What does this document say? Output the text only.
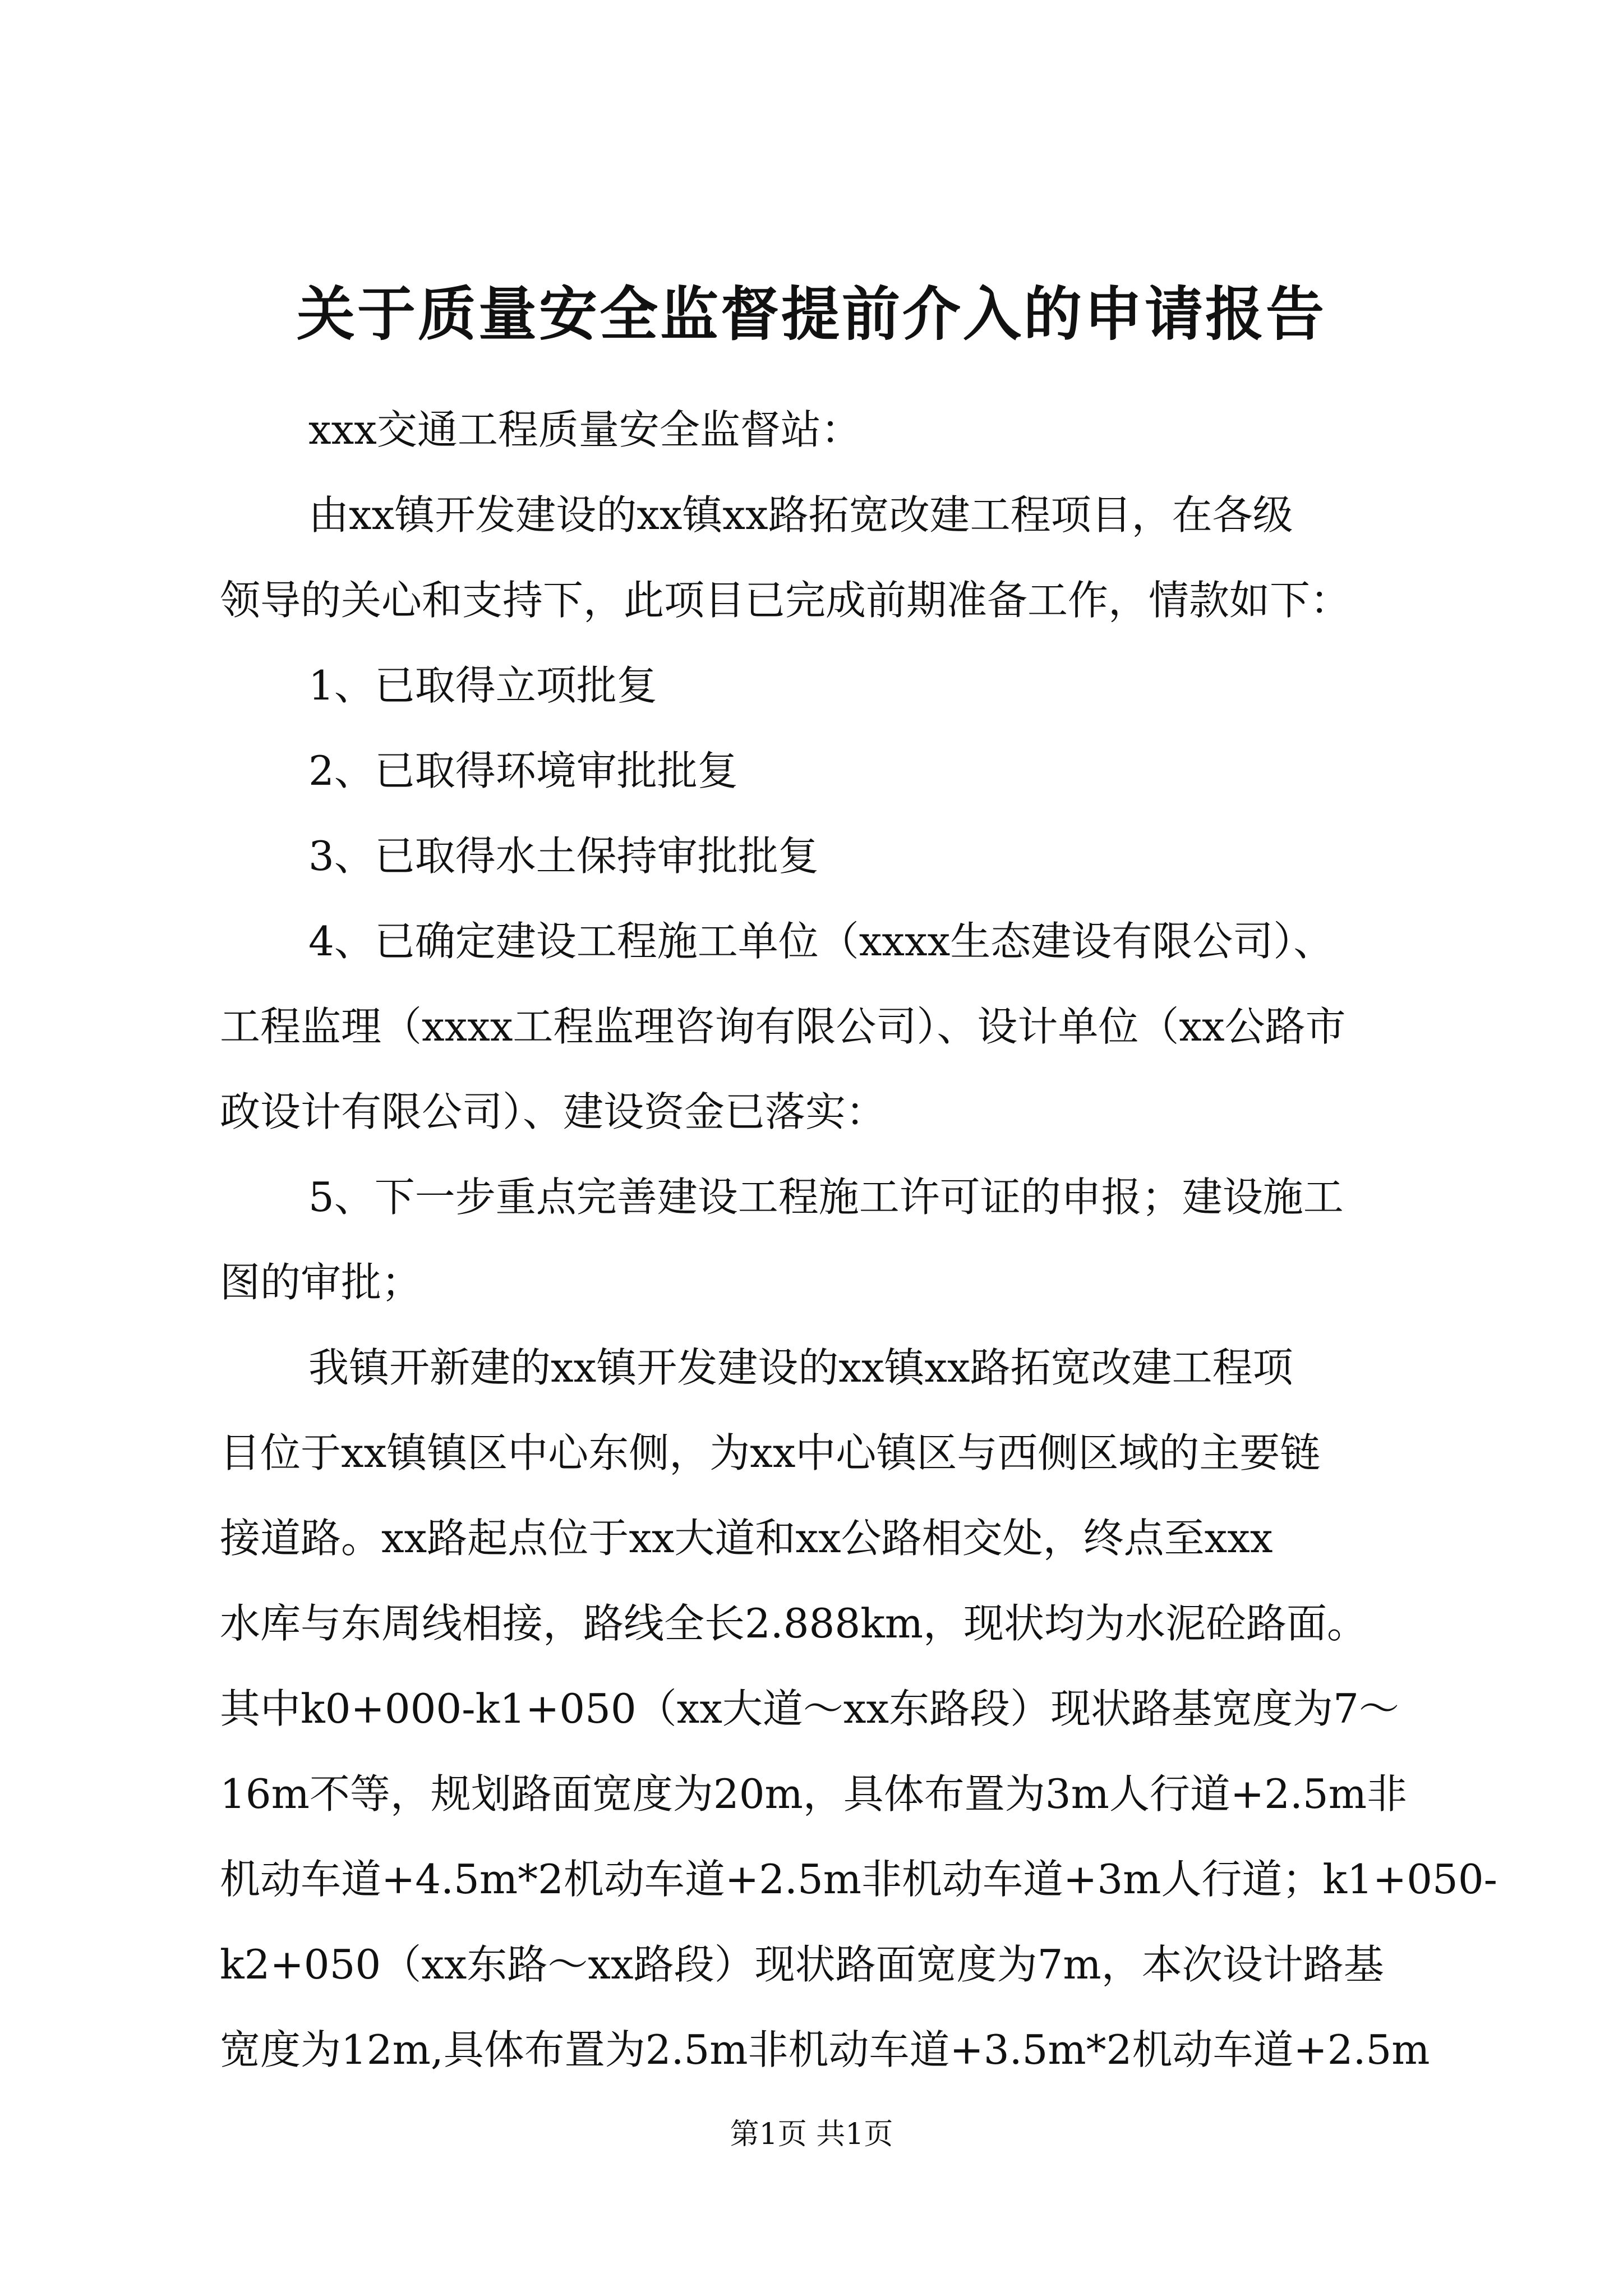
关于质量安全监督提前介入的申请报告
xxx交通工程质量安全监督站：
由xx镇开发建设的xx镇xx路拓宽改建工程项目，在各级
领导的关心和支持下，此项目已完成前期准备工作，情款如下：
1、已取得立项批复
2、已取得环境审批批复
3、已取得水土保持审批批复
4、已确定建设工程施工单位（xxxx生态建设有限公司）、
工程监理（xxxx工程监理咨询有限公司）、设计单位（xx公路市
政设计有限公司）、建设资金已落实：
5、下一步重点完善建设工程施工许可证的申报；建设施工
图的审批；
我镇开新建的xx镇开发建设的xx镇xx路拓宽改建工程项
目位于xx镇镇区中心东侧，为xx中心镇区与西侧区域的主要链
接道路。xx路起点位于xx大道和xx公路相交处，终点至xxx
水库与东周线相接，路线全长2.888km，现状均为水泥砼路面。
其中k0+000-k1+050（xx大道～xx东路段）现状路基宽度为7～
16m不等，规划路面宽度为20m，具体布置为3m人行道+2.5m非
机动车道+4.5m*2机动车道+2.5m非机动车道+3m人行道；k1+050-
k2+050（xx东路～xx路段）现状路面宽度为7m，本次设计路基
宽度为12m,具体布置为2.5m非机动车道+3.5m*2机动车道+2.5m
第1页 共1页
